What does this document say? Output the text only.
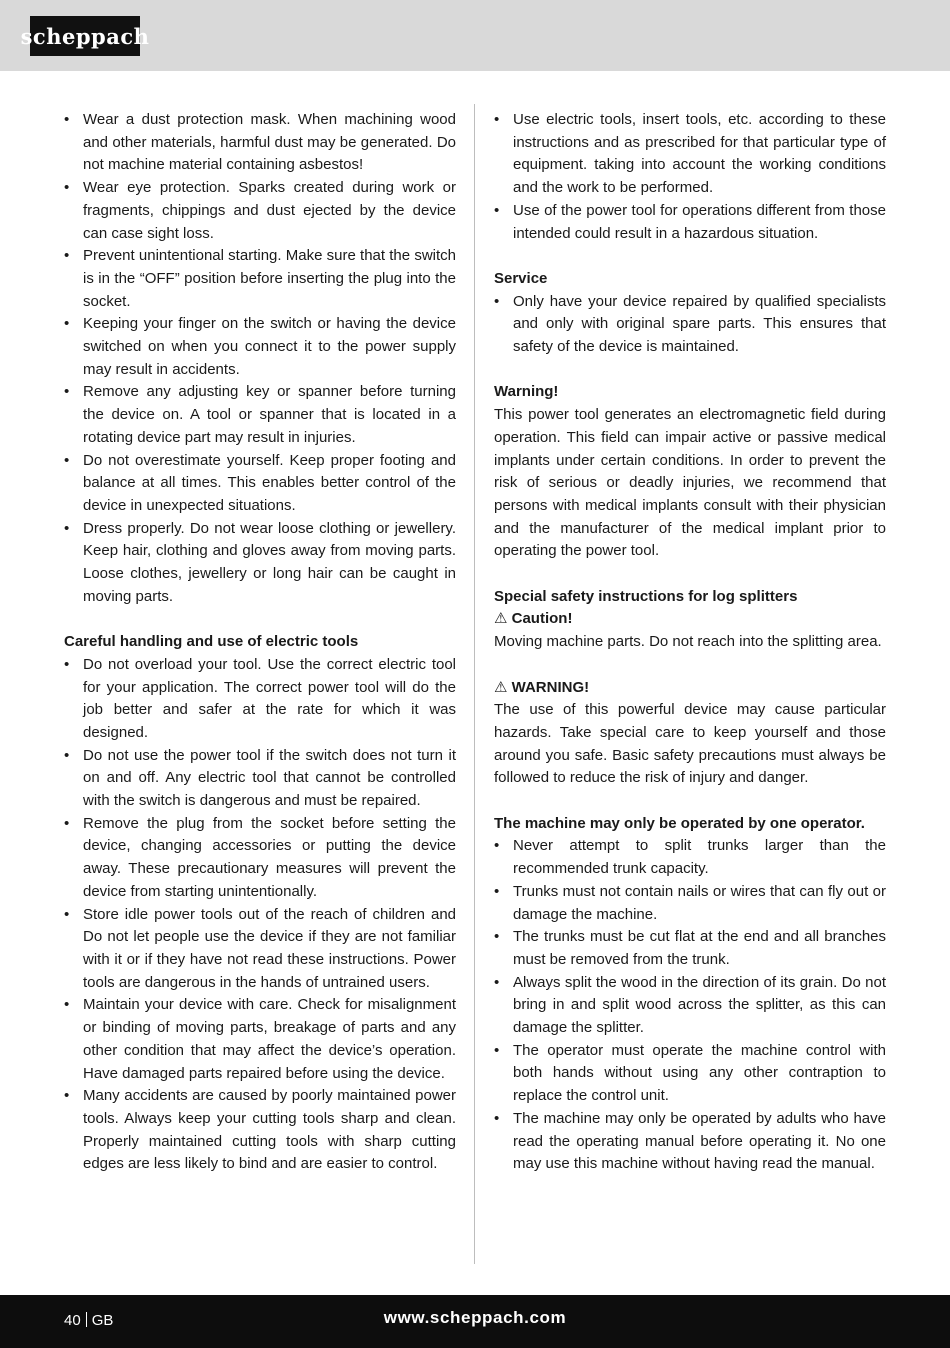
scheppach
• Wear a dust protection mask. When machining wood and other materials, harmful dust may be generated. Do not machine material containing asbestos!
• Wear eye protection. Sparks created during work or fragments, chippings and dust ejected by the device can case sight loss.
• Prevent unintentional starting. Make sure that the switch is in the “OFF” position before inserting the plug into the socket.
• Keeping your finger on the switch or having the device switched on when you connect it to the power supply may result in accidents.
• Remove any adjusting key or spanner before turning the device on. A tool or spanner that is located in a rotating device part may result in injuries.
• Do not overestimate yourself. Keep proper footing and balance at all times. This enables better control of the device in unexpected situations.
• Dress properly. Do not wear loose clothing or jewellery. Keep hair, clothing and gloves away from moving parts. Loose clothes, jewellery or long hair can be caught in moving parts.

Careful handling and use of electric tools

• Do not overload your tool. Use the correct electric tool for your application. The correct power tool will do the job better and safer at the rate for which it was designed.
• Do not use the power tool if the switch does not turn it on and off. Any electric tool that cannot be controlled with the switch is dangerous and must be repaired.
• Remove the plug from the socket before setting the device, changing accessories or putting the device away. These precautionary measures will prevent the device from starting unintentionally.
• Store idle power tools out of the reach of children and Do not let people use the device if they are not familiar with it or if they have not read these instructions. Power tools are dangerous in the hands of untrained users.
• Maintain your device with care. Check for misalignment or binding of moving parts, breakage of parts and any other condition that may affect the device’s operation. Have damaged parts repaired before using the device.
• Many accidents are caused by poorly maintained power tools. Always keep your cutting tools sharp and clean. Properly maintained cutting tools with sharp cutting edges are less likely to bind and are easier to control.
• Use electric tools, insert tools, etc. according to these instructions and as prescribed for that particular type of equipment. taking into account the working conditions and the work to be performed.
• Use of the power tool for operations different from those intended could result in a hazardous situation.

Service

• Only have your device repaired by qualified specialists and only with original spare parts. This ensures that safety of the device is maintained.

Warning!

This power tool generates an electromagnetic field during operation. This field can impair active or passive medical implants under certain conditions. In order to prevent the risk of serious or deadly injuries, we recommend that persons with medical implants consult with their physician and the manufacturer of the medical implant prior to operating the power tool.

Special safety instructions for log splitters

⚠ Caution!

Moving machine parts. Do not reach into the splitting area.

⚠ WARNING!

The use of this powerful device may cause particular hazards. Take special care to keep yourself and those around you safe. Basic safety precautions must always be followed to reduce the risk of injury and danger.

The machine may only be operated by one operator.

• Never attempt to split trunks larger than the recommended trunk capacity.
• Trunks must not contain nails or wires that can fly out or damage the machine.
• The trunks must be cut flat at the end and all branches must be removed from the trunk.
• Always split the wood in the direction of its grain. Do not bring in and split wood across the splitter, as this can damage the splitter.
• The operator must operate the machine control with both hands without using any other contraption to replace the control unit.
• The machine may only be operated by adults who have read the operating manual before operating it. No one may use this machine without having read the manual.
40 GB	www.scheppach.com
